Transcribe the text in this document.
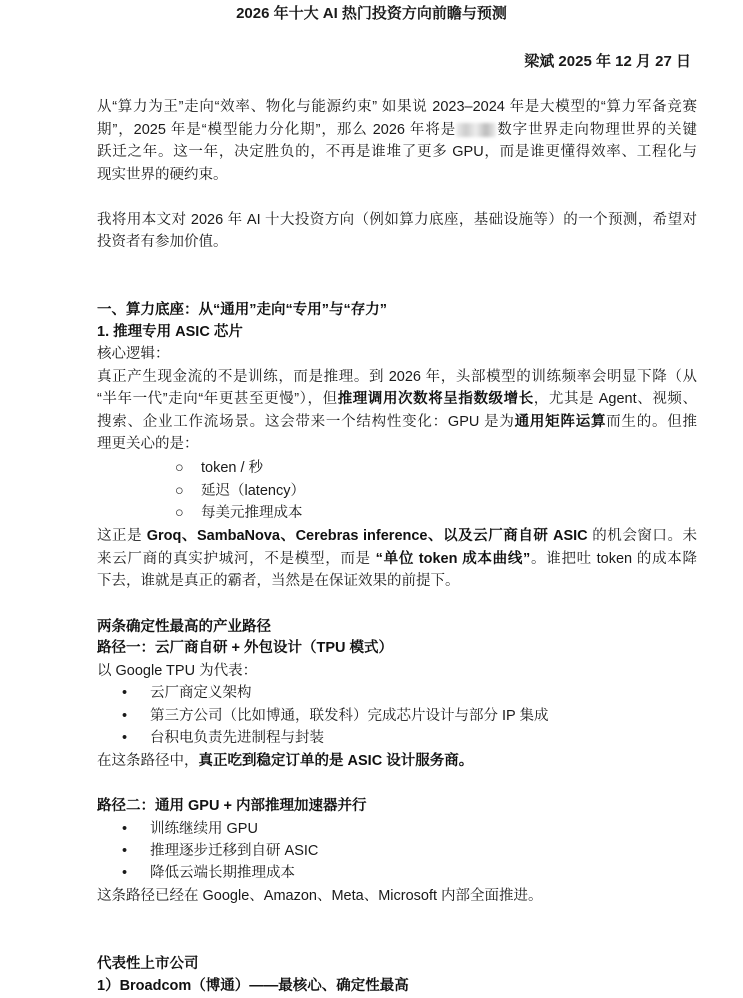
2026 年十大 AI 热门投资方向前瞻与预测
梁斌 2025 年 12 月 27 日
从“算力为王”走向“效率、物化与能源约束” 如果说 2023–2024 年是大模型的“算力军备竞赛
期”，2025 年是“模型能力分化期”，那么 2026 年将是	数字世界走向物理世界的关键
跃迁之年。这一年，决定胜负的，不再是谁堆了更多 GPU，而是谁更懂得效率、工程化与
现实世界的硬约束。
我将用本文对 2026 年 AI 十大投资方向（例如算力底座，基础设施等）的一个预测，希望对
投资者有参加价值。
一、算力底座：从“通用”走向“专用”与“存力”
1. 推理专用 ASIC 芯片
核心逻辑：
真正产生现金流的不是训练，而是推理。到 2026 年，头部模型的训练频率会明显下降（从
“半年一代”走向“年更甚至更慢”），但推理调用次数将呈指数级增长，尤其是 Agent、视频、
搜索、企业工作流场景。这会带来一个结构性变化：GPU 是为通用矩阵运算而生的。但推
理更关心的是：
○ token / 秒
○ 延迟（latency）
○ 每美元推理成本
这正是 Groq、SambaNova、Cerebras inference、以及云厂商自研 ASIC 的机会窗口。未
来云厂商的真实护城河，不是模型，而是 “单位 token 成本曲线”。谁把吐 token 的成本降
下去，谁就是真正的霸者，当然是在保证效果的前提下。
两条确定性最高的产业路径
路径一：云厂商自研 + 外包设计（TPU 模式）
以 Google TPU 为代表：
• 云厂商定义架构
• 第三方公司（比如博通，联发科）完成芯片设计与部分 IP 集成
• 台积电负责先进制程与封装
在这条路径中，真正吃到稳定订单的是 ASIC 设计服务商。
路径二：通用 GPU + 内部推理加速器并行
• 训练继续用 GPU
• 推理逐步迁移到自研 ASIC
• 降低云端长期推理成本
这条路径已经在 Google、Amazon、Meta、Microsoft 内部全面推进。
代表性上市公司
1）Broadcom（博通）——最核心、确定性最高
